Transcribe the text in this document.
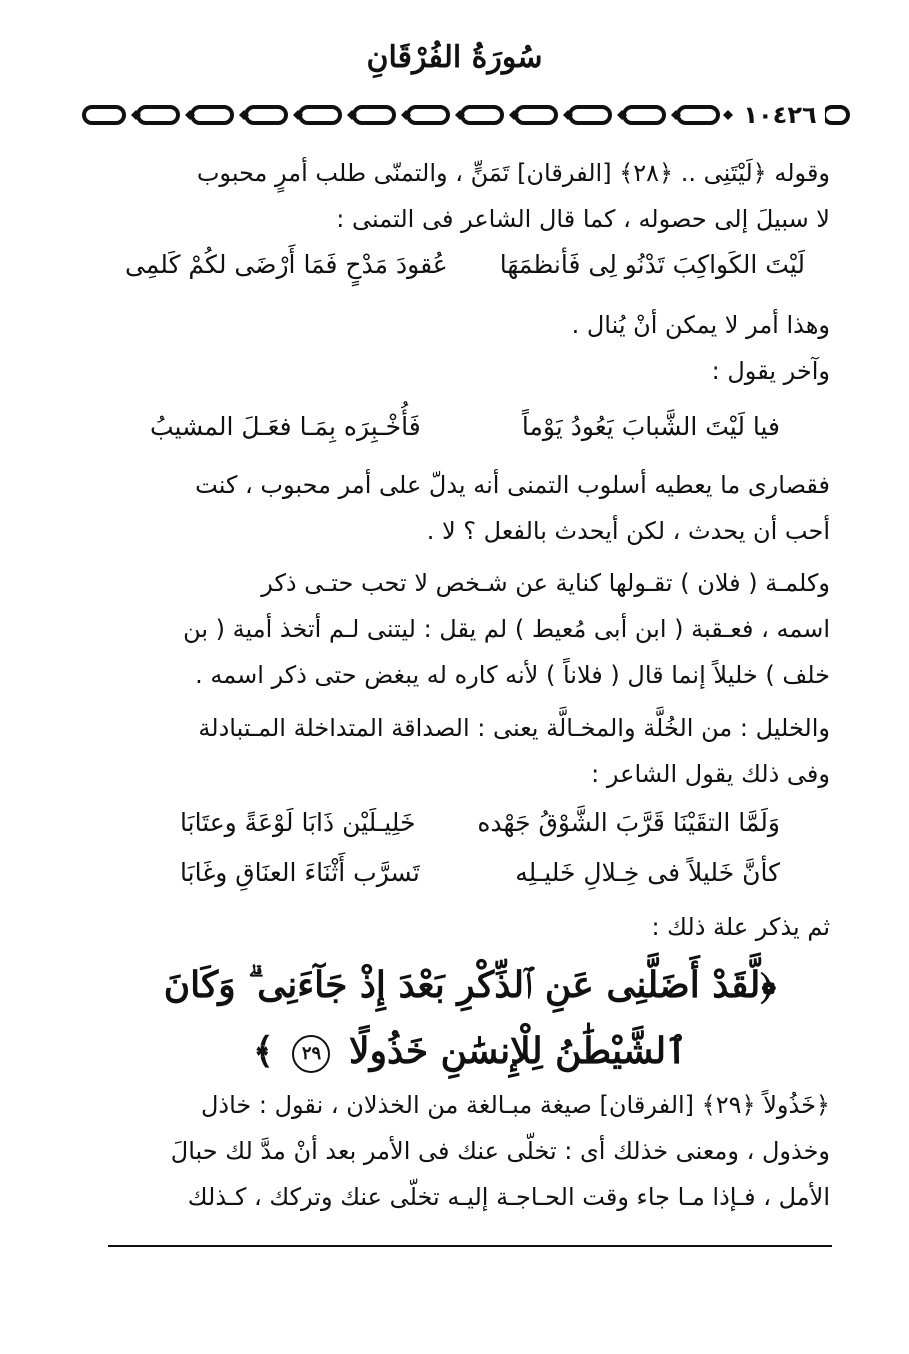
سُورَةُ الفُرْقَانِ
١٠٤٢٦
وقوله ﴿لَيْتَنِى .. ﴿٢٨﴾ [الفرقان] تَمَنٍّ ، والتمنّى طلب أمرٍ محبوب
لا سبيلَ إلى حصوله ، كما قال الشاعر فى التمنى :
لَيْتَ الكَواكِبَ تَدْنُو لِى فَأنظمَهَا
عُقودَ مَدْحٍ فَمَا أَرْضَى لكُمْ كَلمِى
وهذا أمر لا يمكن أنْ يُنال .
وآخر يقول :
فيا لَيْتَ الشَّبابَ يَعُودُ يَوْماً
فَأُخْـبِرَه بِمَـا فعَـلَ المشيبُ
فقصارى ما يعطيه أسلوب التمنى أنه يدلّ على أمر محبوب ، كنت
أحب أن يحدث ، لكن أيحدث بالفعل ؟ لا .
وكلمـة ( فلان ) تقـولها كناية عن شـخص لا تحب حتـى ذكر
اسمه ، فعـقبة ( ابن أبى مُعيط ) لم يقل : ليتنى لـم أتخذ أمية ( بن
خلف ) خليلاً إنما قال ( فلاناً ) لأنه كاره له يبغض حتى ذكر اسمه .
والخليل : من الخُلَّة والمخـالَّة يعنى : الصداقة المتداخلة المـتبادلة
وفى ذلك يقول الشاعر :
وَلَمَّا التقَيْنَا قَرَّبَ الشَّوْقُ جَهْده
خَلِيـلَيْن ذَابَا لَوْعَةً وعتَابَا
كأنَّ خَليلاً فى خِـلالِ خَليـلِه
تَسرَّب أَثْنَاءَ العنَاقِ وغَابَا
ثم يذكر علة ذلك :
﴿لَّقَدْ أَضَلَّنِى عَنِ ٱلذِّكْرِ بَعْدَ إِذْ جَآءَنِى ۗ وَكَانَ
ٱلشَّيْطَٰنُ لِلْإِنسَٰنِ خَذُولًا ٢٩ ﴾
﴿خَذُولاً ﴿٢٩﴾ [الفرقان] صيغة مبـالغة من الخذلان ، نقول : خاذل
وخذول ، ومعنى خذلك أى : تخلّى عنك فى الأمر بعد أنْ مدَّ لك حبالَ
الأمل ، فـإذا مـا جاء وقت الحـاجـة إليـه تخلّى عنك وتركك ، كـذلك
